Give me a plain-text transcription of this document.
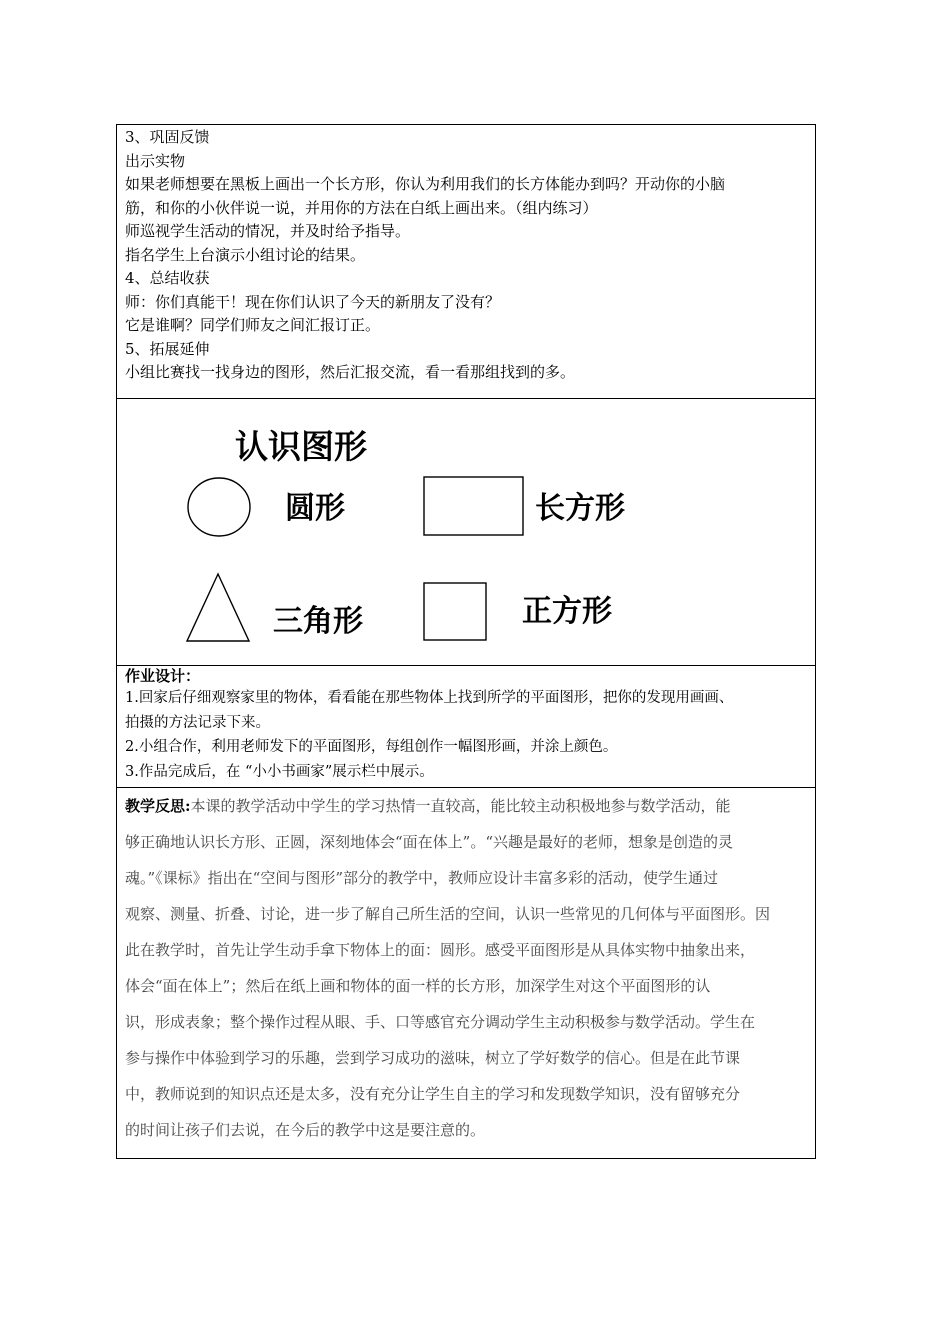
3、巩固反馈
出示实物
如果老师想要在黑板上画出一个长方形，你认为利用我们的长方体能办到吗？开动你的小脑
筋，和你的小伙伴说一说，并用你的方法在白纸上画出来。（组内练习）
师巡视学生活动的情况，并及时给予指导。
指名学生上台演示小组讨论的结果。
4、总结收获
师：你们真能干！现在你们认识了今天的新朋友了没有？
它是谁啊？同学们师友之间汇报订正。
5、拓展延伸
小组比赛找一找身边的图形，然后汇报交流，看一看那组找到的多。

认识图形
圆形	长方形
三角形	正方形

作业设计：
1.回家后仔细观察家里的物体，看看能在那些物体上找到所学的平面图形，把你的发现用画画、
拍摄的方法记录下来。
2.小组合作，利用老师发下的平面图形，每组创作一幅图形画，并涂上颜色。
3.作品完成后，在 “小小书画家”展示栏中展示。

教学反思:本课的教学活动中学生的学习热情一直较高，能比较主动积极地参与数学活动，能
够正确地认识长方形、正圆，深刻地体会“面在体上”。“兴趣是最好的老师，想象是创造的灵
魂。”《课标》指出在“空间与图形”部分的教学中，教师应设计丰富多彩的活动，使学生通过
观察、测量、折叠、讨论，进一步了解自己所生活的空间，认识一些常见的几何体与平面图形。因
此在教学时，首先让学生动手拿下物体上的面：圆形。感受平面图形是从具体实物中抽象出来，
体会“面在体上”；然后在纸上画和物体的面一样的长方形，加深学生对这个平面图形的认
识，形成表象；整个操作过程从眼、手、口等感官充分调动学生主动积极参与数学活动。学生在
参与操作中体验到学习的乐趣，尝到学习成功的滋味，树立了学好数学的信心。但是在此节课
中，教师说到的知识点还是太多，没有充分让学生自主的学习和发现数学知识，没有留够充分
的时间让孩子们去说，在今后的教学中这是要注意的。
